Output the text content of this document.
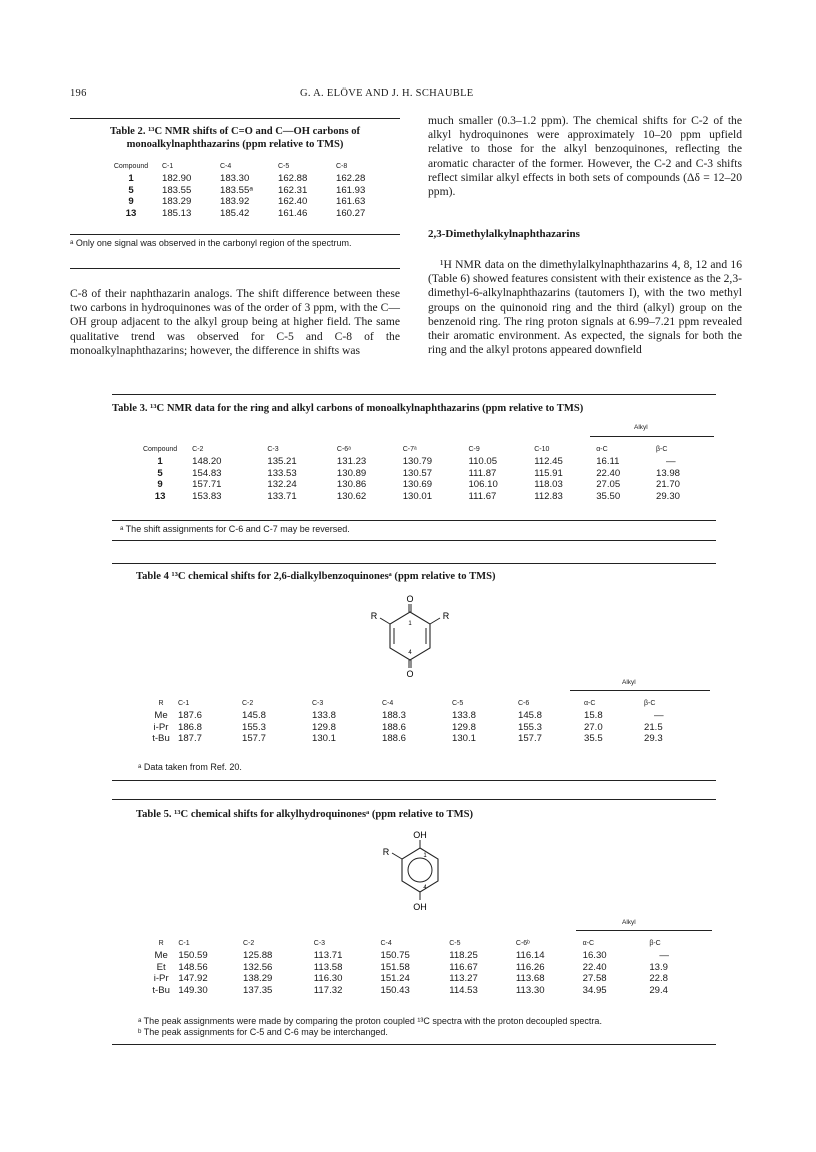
196	G. A. ELÖVE AND J. H. SCHAUBLE
Table 2. ¹³C NMR shifts of C=O and C—OH carbons of
monoalkylnaphthazarins (ppm relative to TMS)
Compound	C-1	C-4	C-5	C-8
1	182.90	183.30	162.88	162.28
5	183.55	183.55ᵃ	162.31	161.93
9	183.29	183.92	162.40	161.63
13	185.13	185.42	161.46	160.27
ᵃ Only one signal was observed in the carbonyl region of the spectrum.

C-8 of their naphthazarin analogs. The shift difference between these two carbons in hydroquinones was of the order of 3 ppm, with the C—OH group adjacent to the alkyl group being at higher field. The same qualitative trend was observed for C-5 and C-8 of the monoalkylnaphthazarins; however, the difference in shifts was

much smaller (0.3–1.2 ppm). The chemical shifts for C-2 of the alkyl hydroquinones were approximately 10–20 ppm upfield relative to those for the alkyl benzoquinones, reflecting the aromatic character of the former. However, the C-2 and C-3 shifts reflect similar alkyl effects in both sets of compounds (Δδ = 12–20 ppm).

2,3-Dimethylalkylnaphthazarins

¹H NMR data on the dimethylalkylnaphthazarins 4, 8, 12 and 16 (Table 6) showed features consistent with their existence as the 2,3-dimethyl-6-alkylnaphthazarins (tautomers I), with the two methyl groups on the quinonoid ring and the third (alkyl) group on the benzenoid ring. The ring proton signals at 6.99–7.21 ppm revealed their aromatic environment. As expected, the signals for both the ring and the alkyl protons appeared downfield

Table 3. ¹³C NMR data for the ring and alkyl carbons of monoalkylnaphthazarins (ppm relative to TMS)
Alkyl
Compound	C-2	C-3	C-6ᵃ	C-7ᵃ	C-9	C-10	α-C	β-C
1	148.20	135.21	131.23	130.79	110.05	112.45	16.11	—
5	154.83	133.53	130.89	130.57	111.87	115.91	22.40	13.98
9	157.71	132.24	130.86	130.69	106.10	118.03	27.05	21.70
13	153.83	133.71	130.62	130.01	111.67	112.83	35.50	29.30
ᵃ The shift assignments for C-6 and C-7 may be reversed.
Table 4 ¹³C chemical shifts for 2,6-dialkylbenzoquinonesᵃ (ppm relative to TMS)
O
R	R
1
4
O
Alkyl
R	C-1	C-2	C-3	C-4	C-5	C-6	α-C	β-C
Me	187.6	145.8	133.8	188.3	133.8	145.8	15.8	—
i-Pr	186.8	155.3	129.8	188.6	129.8	155.3	27.0	21.5
t-Bu	187.7	157.7	130.1	188.6	130.1	157.7	35.5	29.3
ᵃ Data taken from Ref. 20.
Table 5. ¹³C chemical shifts for alkylhydroquinonesᵃ (ppm relative to TMS)
OH
R	1
4
OH
Alkyl
R	C-1	C-2	C-3	C-4	C-5	C-6ᵇ	α-C	β-C
Me	150.59	125.88	113.71	150.75	118.25	116.14	16.30	—
Et	148.56	132.56	113.58	151.58	116.67	116.26	22.40	13.9
i-Pr	147.92	138.29	116.30	151.24	113.27	113.68	27.58	22.8
t-Bu	149.30	137.35	117.32	150.43	114.53	113.30	34.95	29.4
ᵃ The peak assignments were made by comparing the proton coupled ¹³C spectra with the proton decoupled spectra.
ᵇ The peak assignments for C-5 and C-6 may be interchanged.
